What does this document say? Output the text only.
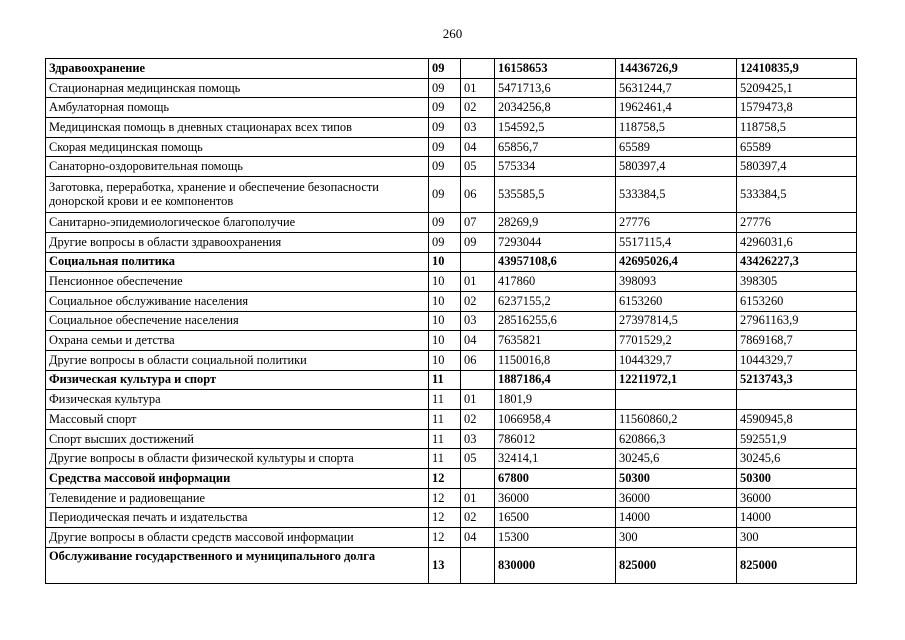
260
Здравоохранение	09		16158653	14436726,9	12410835,9
Стационарная медицинская помощь	09	01	5471713,6	5631244,7	5209425,1
Амбулаторная помощь	09	02	2034256,8	1962461,4	1579473,8
Медицинская помощь в дневных стационарах всех типов	09	03	154592,5	118758,5	118758,5
Скорая медицинская помощь	09	04	65856,7	65589	65589
Санаторно-оздоровительная помощь	09	05	575334	580397,4	580397,4
Заготовка, переработка, хранение и обеспечение безопасности донорской крови и ее компонентов	09	06	535585,5	533384,5	533384,5
Санитарно-эпидемиологическое благополучие	09	07	28269,9	27776	27776
Другие вопросы в области здравоохранения	09	09	7293044	5517115,4	4296031,6
Социальная политика	10		43957108,6	42695026,4	43426227,3
Пенсионное обеспечение	10	01	417860	398093	398305
Социальное обслуживание населения	10	02	6237155,2	6153260	6153260
Социальное обеспечение населения	10	03	28516255,6	27397814,5	27961163,9
Охрана семьи и детства	10	04	7635821	7701529,2	7869168,7
Другие вопросы в области социальной политики	10	06	1150016,8	1044329,7	1044329,7
Физическая культура и спорт	11		1887186,4	12211972,1	5213743,3
Физическая культура	11	01	1801,9		
Массовый спорт	11	02	1066958,4	11560860,2	4590945,8
Спорт высших достижений	11	03	786012	620866,3	592551,9
Другие вопросы в области физической культуры и спорта	11	05	32414,1	30245,6	30245,6
Средства массовой информации	12		67800	50300	50300
Телевидение и радиовещание	12	01	36000	36000	36000
Периодическая печать и издательства	12	02	16500	14000	14000
Другие вопросы в области средств массовой информации	12	04	15300	300	300
Обслуживание государственного и муниципального долга	13		830000	825000	825000
